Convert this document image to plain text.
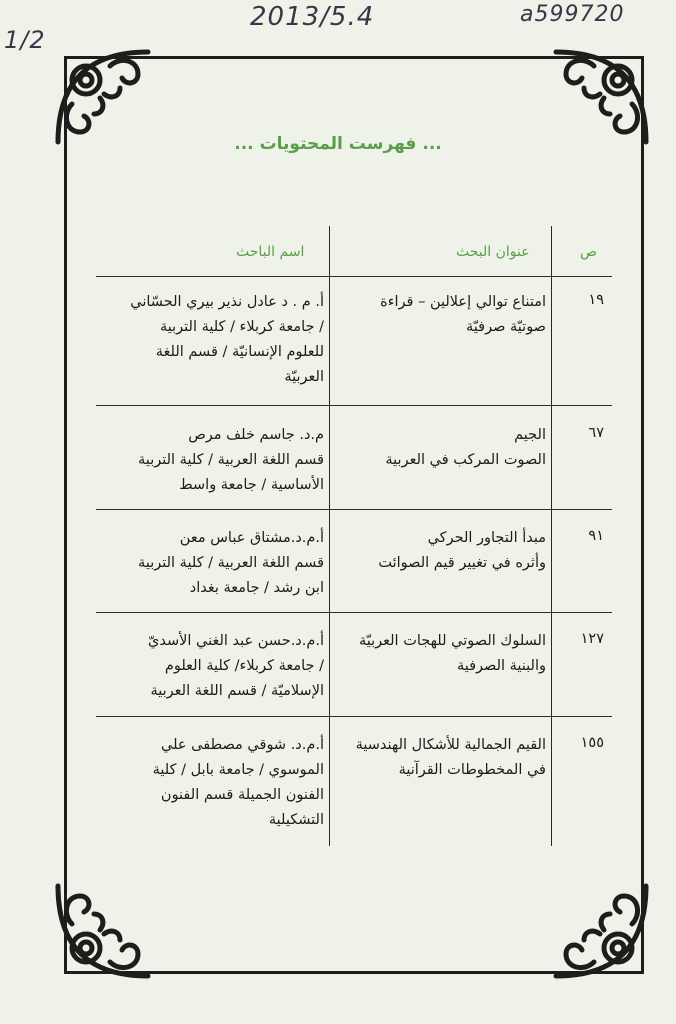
2013/5.4	a599720
1/2
... فهرست المحتويات ...
ص
عنوان البحث
اسم الباحث
١٩
امتناع توالي إعلالين – قراءة
صوتيّة صرفيّة
أ. م . د عادل نذير بيري الحسّاني
/ جامعة كربلاء / كلية التربية
للعلوم الإنسانيّة / قسم اللغة
العربيّة
٦٧
الجيم
الصوت المركب في العربية
م.د. جاسم خلف مرص
قسم اللغة العربية / كلية التربية
الأساسية / جامعة واسط
٩١
مبدأ التجاور الحركي
وأثره في تغيير قيم الصوائت
أ.م.د.مشتاق عباس معن
قسم اللغة العربية / كلية التربية
ابن رشد / جامعة بغداد
١٢٧
السلوك الصوتي للهجات العربيّة
والبنية الصرفية
أ.م.د.حسن عبد الغني الأسديّ
/ جامعة كربلاء/ كلية العلوم
الإسلاميّة / قسم اللغة العربية
١٥٥
القيم الجمالية للأشكال الهندسية
في المخطوطات القرآنية
أ.م.د. شوقي مصطفى علي
الموسوي / جامعة بابل / كلية
الفنون الجميلة قسم الفنون
التشكيلية
